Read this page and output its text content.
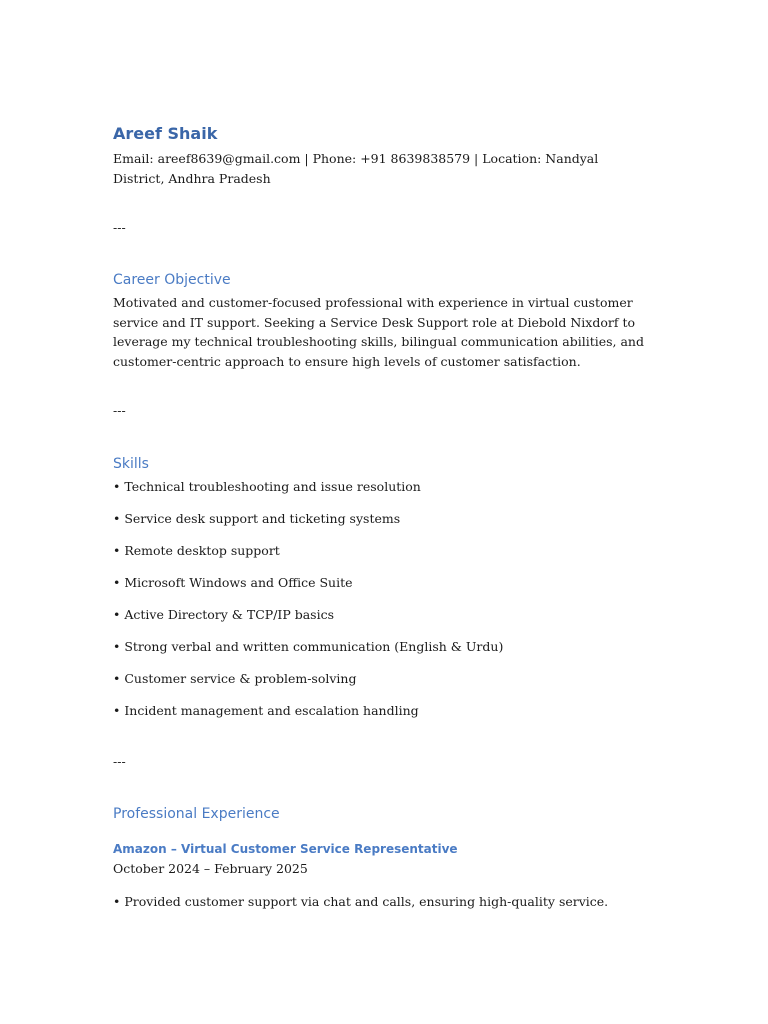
Areef Shaik

Email: areef8639@gmail.com | Phone: +91 8639838579 | Location: Nandyal District, Andhra Pradesh

---

Career Objective

Motivated and customer-focused professional with experience in virtual customer service and IT support. Seeking a Service Desk Support role at Diebold Nixdorf to leverage my technical troubleshooting skills, bilingual communication abilities, and customer-centric approach to ensure high levels of customer satisfaction.

---

Skills

• Technical troubleshooting and issue resolution

• Service desk support and ticketing systems

• Remote desktop support

• Microsoft Windows and Office Suite

• Active Directory & TCP/IP basics

• Strong verbal and written communication (English & Urdu)

• Customer service & problem-solving

• Incident management and escalation handling

---

Professional Experience
Amazon – Virtual Customer Service Representative

October 2024 – February 2025

• Provided customer support via chat and calls, ensuring high-quality service.
